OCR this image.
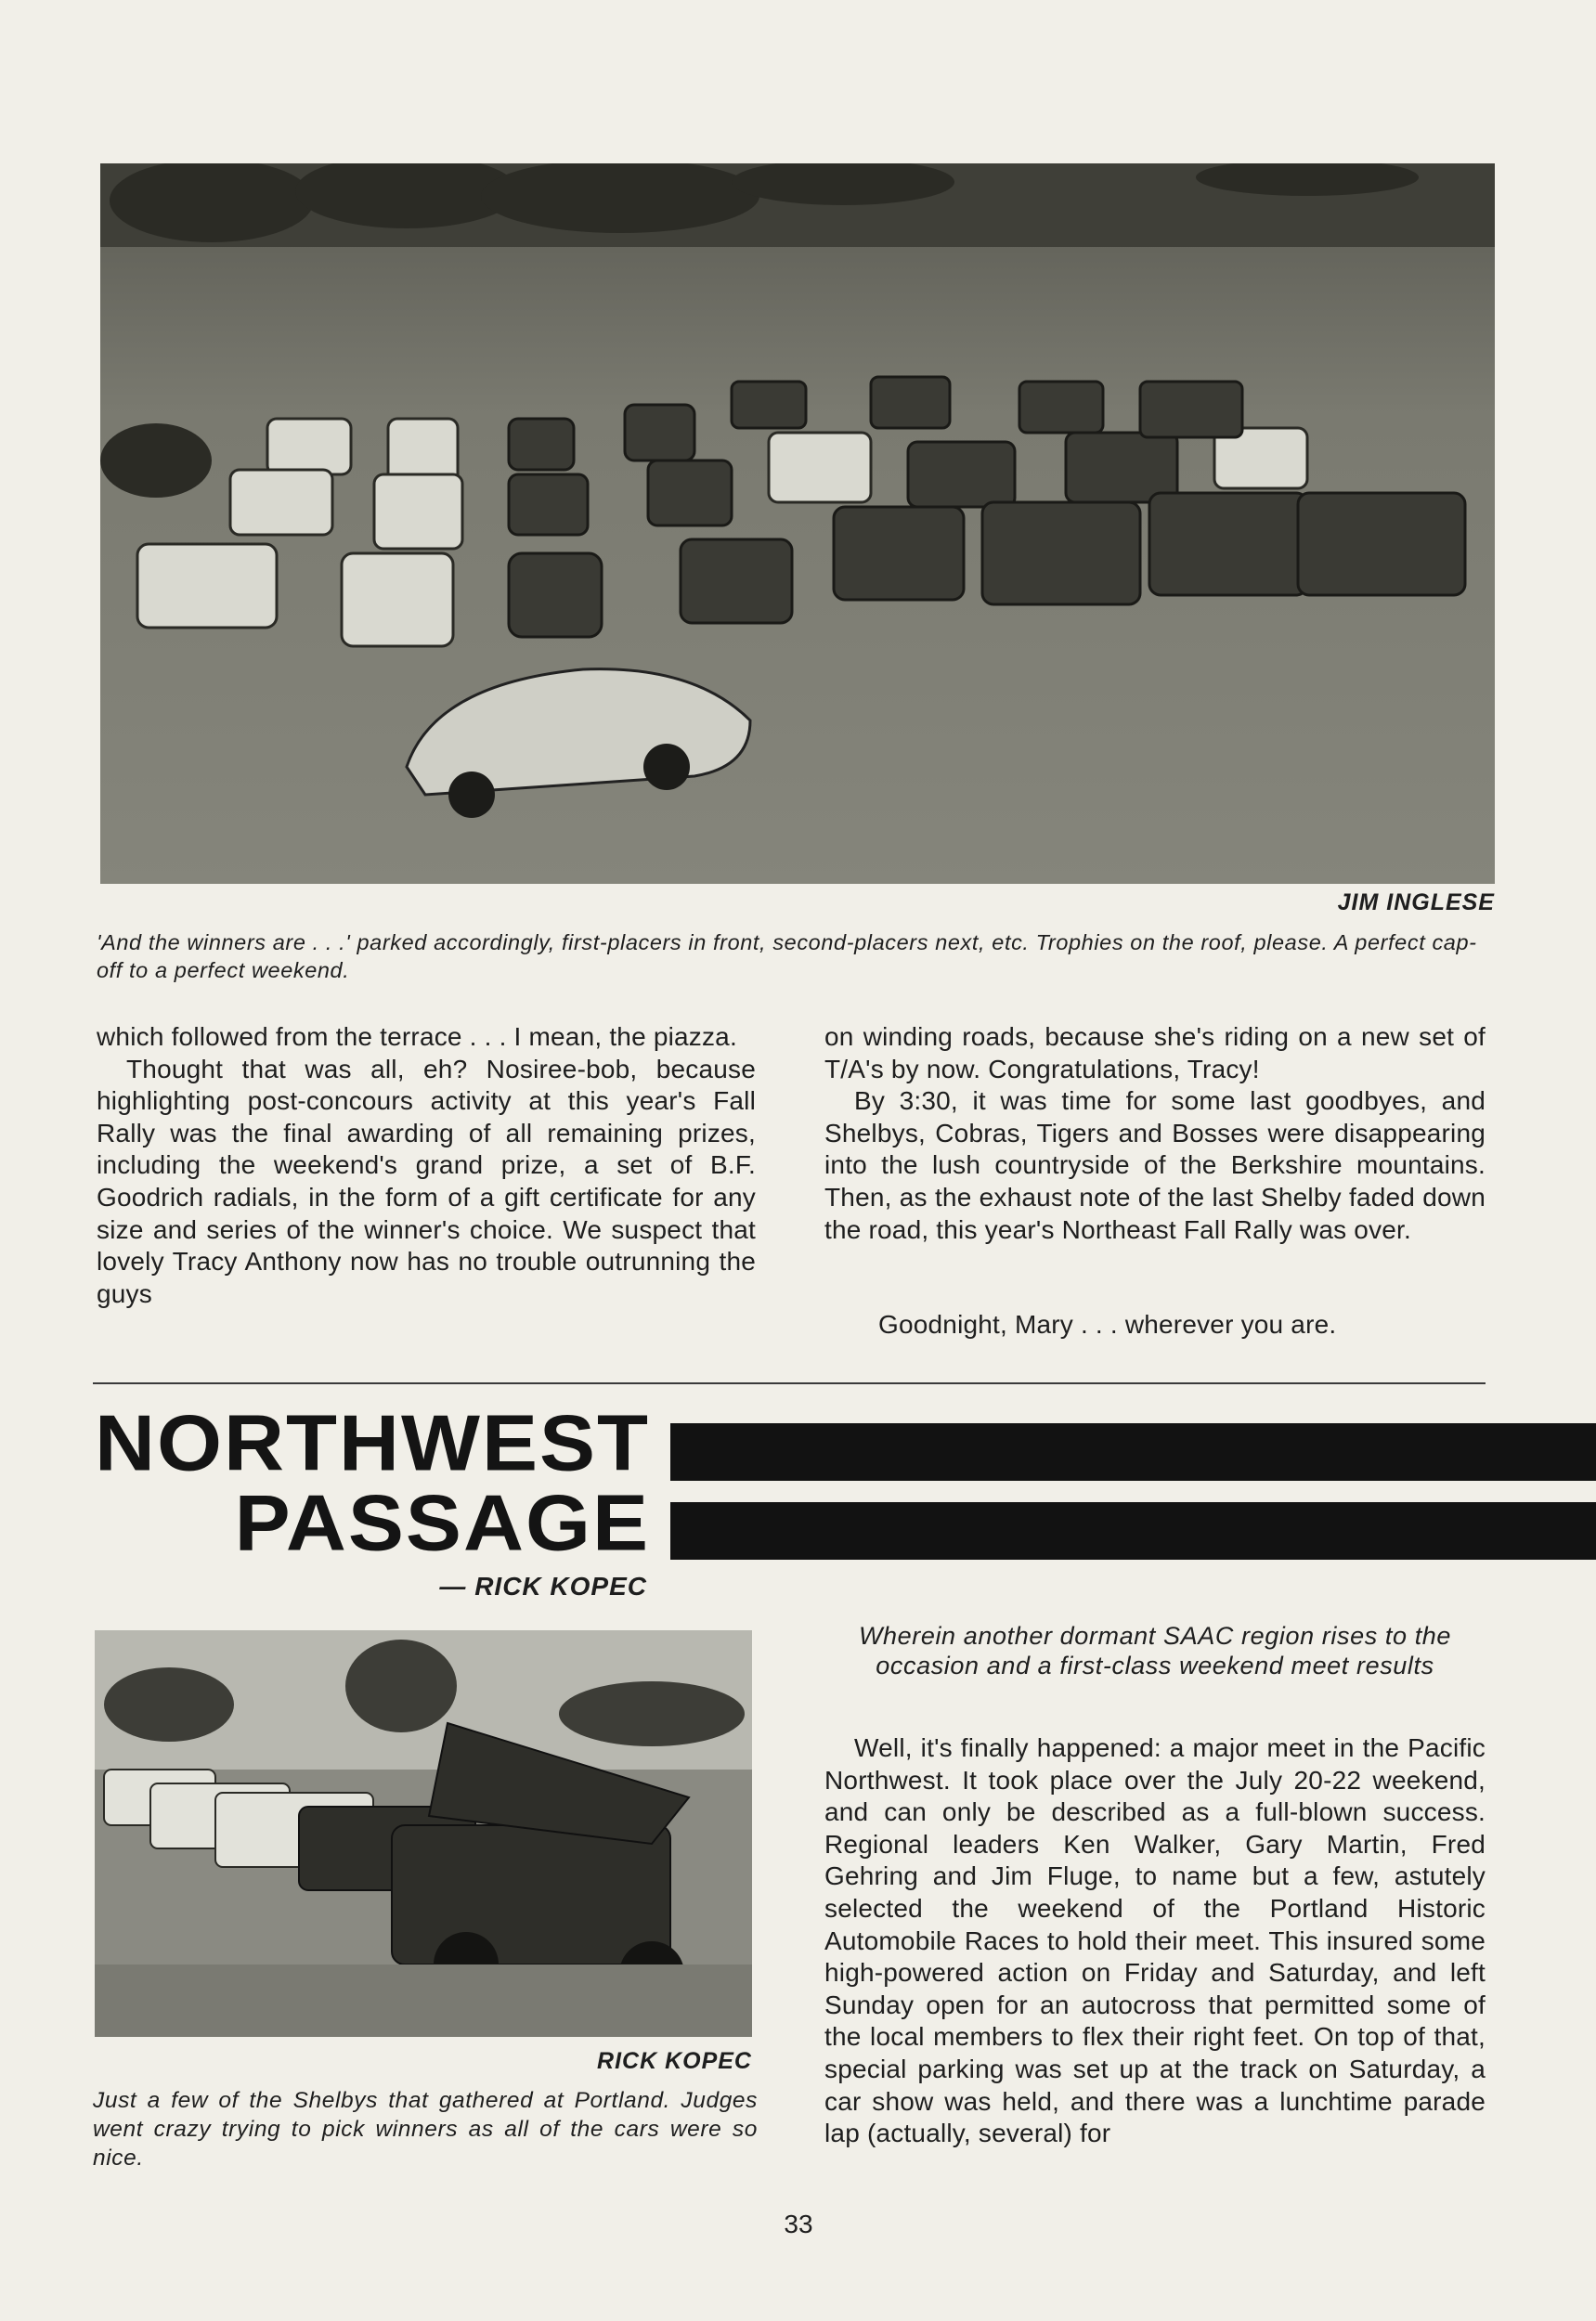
JIM INGLESE
'And the winners are . . .' parked accordingly, first-placers in front, second-placers next, etc. Trophies on the roof, please. A perfect cap-off to a perfect weekend.

which followed from the terrace . . . I mean, the piazza.

Thought that was all, eh? Nosiree-bob, because highlighting post-concours activity at this year's Fall Rally was the final awarding of all remaining prizes, including the weekend's grand prize, a set of B.F. Goodrich radials, in the form of a gift certificate for any size and series of the winner's choice. We suspect that lovely Tracy Anthony now has no trouble outrunning the guys

on winding roads, because she's riding on a new set of T/A's by now. Congratulations, Tracy!

By 3:30, it was time for some last goodbyes, and Shelbys, Cobras, Tigers and Bosses were disappearing into the lush countryside of the Berkshire mountains. Then, as the exhaust note of the last Shelby faded down the road, this year's Northeast Fall Rally was over.

Goodnight, Mary . . . wherever you are.
NORTHWEST
PASSAGE
— RICK KOPEC
RICK KOPEC
Just a few of the Shelbys that gathered at Portland. Judges went crazy trying to pick winners as all of the cars were so nice.
Wherein another dormant SAAC region rises to the occasion and a first-class weekend meet results
Well, it's finally happened: a major meet in the Pacific Northwest. It took place over the July 20-22 weekend, and can only be described as a full-blown success. Regional leaders Ken Walker, Gary Martin, Fred Gehring and Jim Fluge, to name but a few, astutely selected the weekend of the Portland Historic Automobile Races to hold their meet. This insured some high-powered action on Friday and Saturday, and left Sunday open for an autocross that permitted some of the local members to flex their right feet. On top of that, special parking was set up at the track on Saturday, a car show was held, and there was a lunchtime parade lap (actually, several) for
33
